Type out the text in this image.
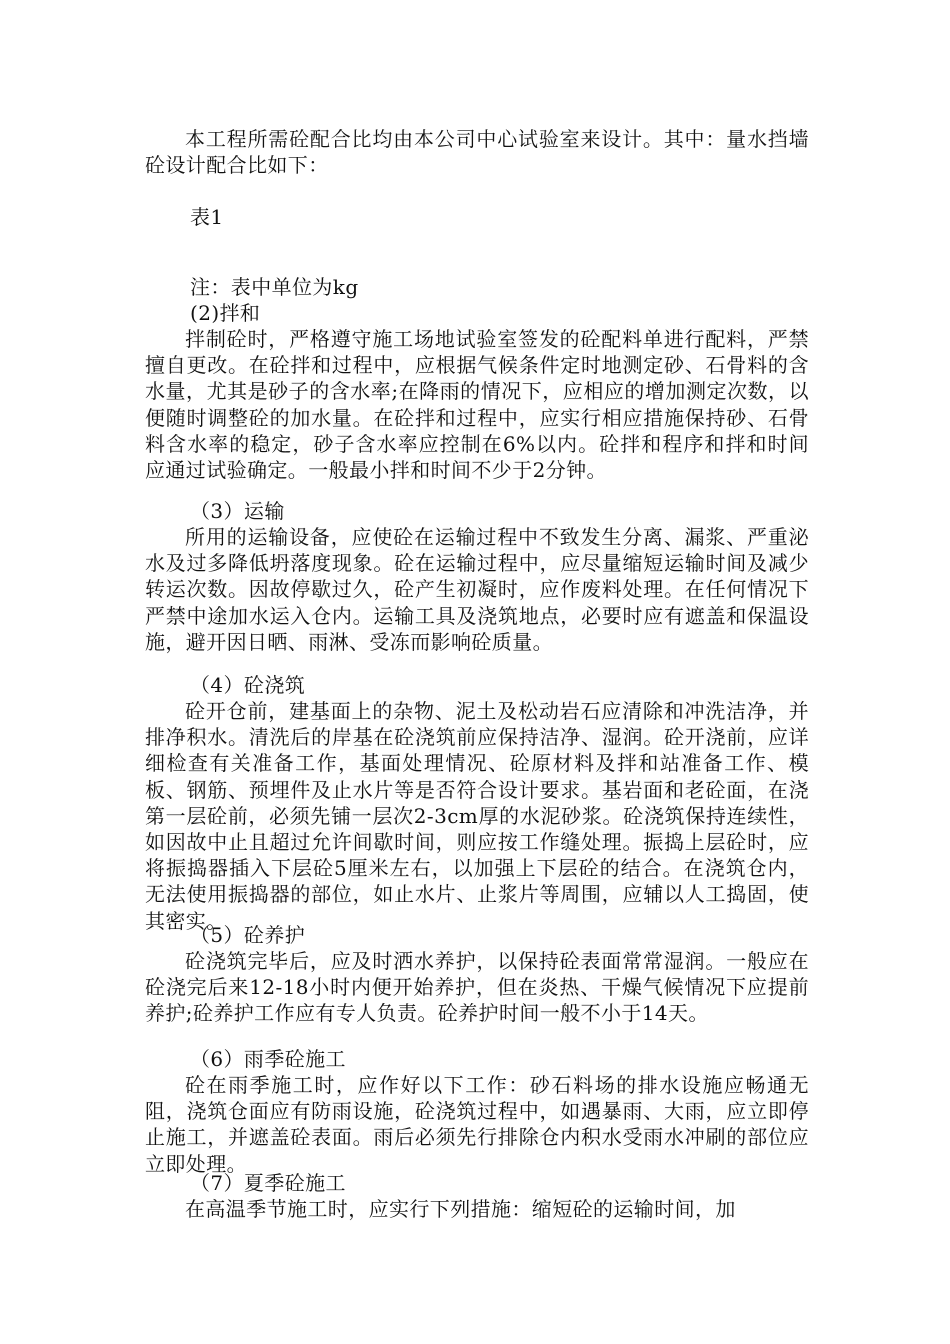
本工程所需砼配合比均由本公司中心试验室来设计。其中：量水挡墙砼设计配合比如下：

表1

注：表中单位为kg

(2)拌和

拌制砼时，严格遵守施工场地试验室签发的砼配料单进行配料，严禁擅自更改。在砼拌和过程中，应根据气候条件定时地测定砂、石骨料的含水量，尤其是砂子的含水率;在降雨的情况下，应相应的增加测定次数，以便随时调整砼的加水量。在砼拌和过程中，应实行相应措施保持砂、石骨料含水率的稳定，砂子含水率应控制在6%以内。砼拌和程序和拌和时间应通过试验确定。一般最小拌和时间不少于2分钟。

（3）运输

所用的运输设备，应使砼在运输过程中不致发生分离、漏浆、严重泌水及过多降低坍落度现象。砼在运输过程中，应尽量缩短运输时间及减少转运次数。因故停歇过久，砼产生初凝时，应作废料处理。在任何情况下严禁中途加水运入仓内。运输工具及浇筑地点，必要时应有遮盖和保温设施，避开因日晒、雨淋、受冻而影响砼质量。

（4）砼浇筑

砼开仓前，建基面上的杂物、泥土及松动岩石应清除和冲洗洁净，并排净积水。清洗后的岸基在砼浇筑前应保持洁净、湿润。砼开浇前，应详细检查有关准备工作，基面处理情况、砼原材料及拌和站准备工作、模板、钢筋、预埋件及止水片等是否符合设计要求。基岩面和老砼面，在浇第一层砼前，必须先铺一层次2-3cm厚的水泥砂浆。砼浇筑保持连续性，如因故中止且超过允许间歇时间，则应按工作缝处理。振捣上层砼时，应将振捣器插入下层砼5厘米左右，以加强上下层砼的结合。在浇筑仓内，无法使用振捣器的部位，如止水片、止浆片等周围，应辅以人工捣固，使其密实。

（5）砼养护

砼浇筑完毕后，应及时洒水养护，以保持砼表面常常湿润。一般应在砼浇完后来12-18小时内便开始养护，但在炎热、干燥气候情况下应提前养护;砼养护工作应有专人负责。砼养护时间一般不小于14天。

（6）雨季砼施工

砼在雨季施工时，应作好以下工作：砂石料场的排水设施应畅通无阻，浇筑仓面应有防雨设施，砼浇筑过程中，如遇暴雨、大雨，应立即停止施工，并遮盖砼表面。雨后必须先行排除仓内积水受雨水冲刷的部位应立即处理。

（7）夏季砼施工

在高温季节施工时，应实行下列措施：缩短砼的运输时间，加
